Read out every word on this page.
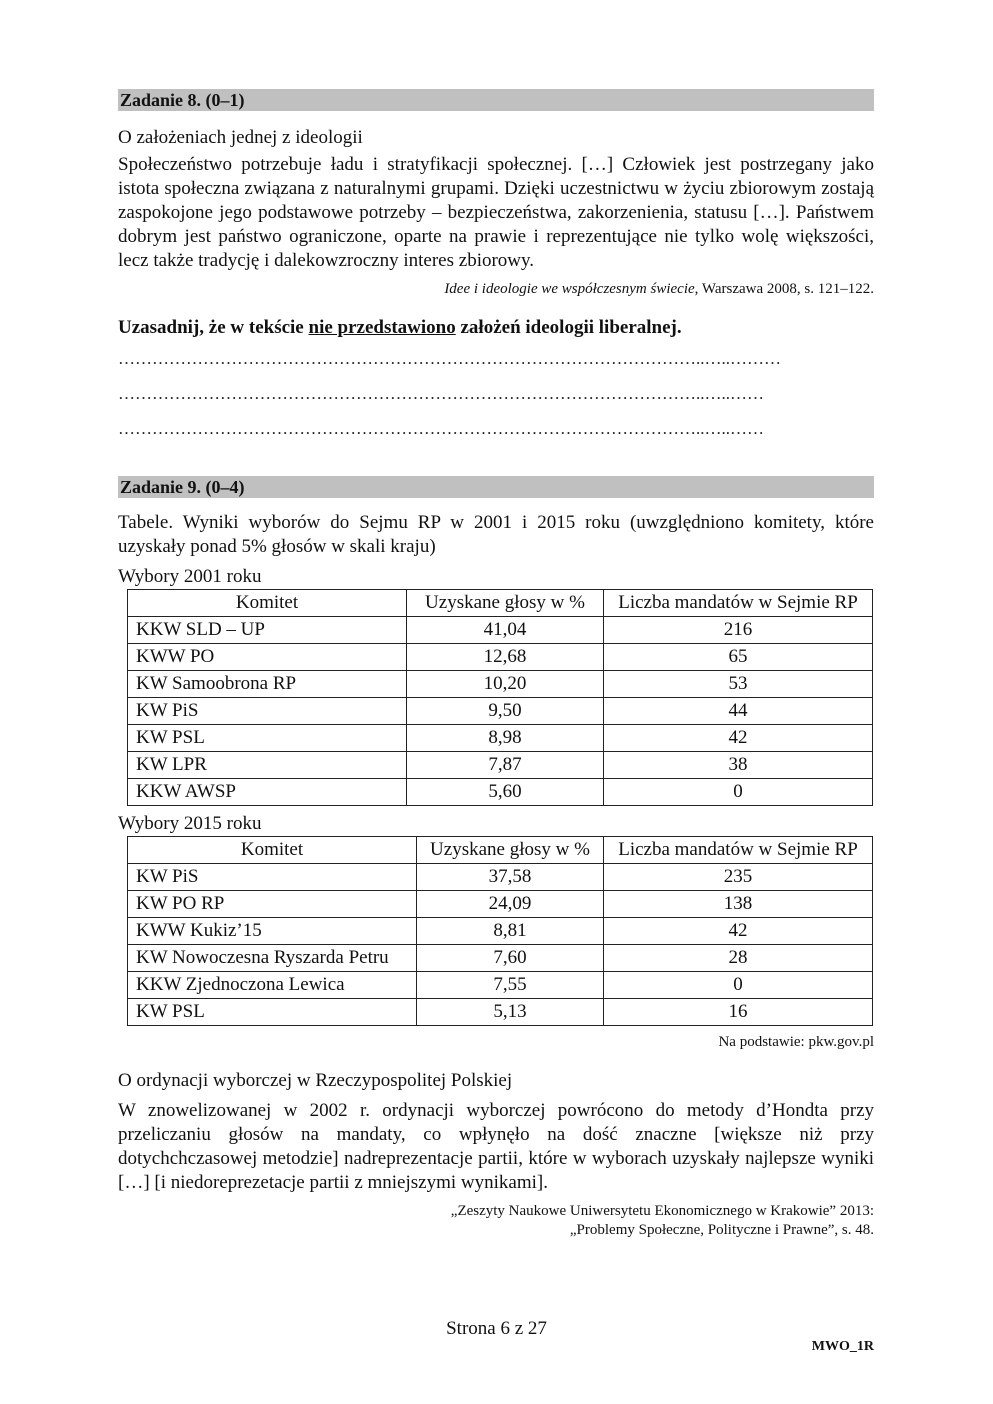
Zadanie 8. (0–1)

O założeniach jednej z ideologii

Społeczeństwo potrzebuje ładu i stratyfikacji społecznej. […] Człowiek jest postrzegany jako istota społeczna związana z naturalnymi grupami. Dzięki uczestnictwu w życiu zbiorowym zostają zaspokojone jego podstawowe potrzeby – bezpieczeństwa, zakorzenienia, statusu […]. Państwem dobrym jest państwo ograniczone, oparte na prawie i reprezentujące nie tylko wolę większości, lecz także tradycję i dalekowzroczny interes zbiorowy.

Idee i ideologie we współczesnym świecie, Warszawa 2008, s. 121–122.

Uzasadnij, że w tekście nie przedstawiono założeń ideologii liberalnej.

…………………………………………………………………………………………..…..………
…………………………………………………………………………………………..…..……
…………………………………………………………………………………………..…..……
Zadanie 9. (0–4)

Tabele. Wyniki wyborów do Sejmu RP w 2001 i 2015 roku (uwzględniono komitety, które uzyskały ponad 5% głosów w skali kraju)

Wybory 2001 roku

Komitet	Uzyskane głosy w %	Liczba mandatów w Sejmie RP
KKW SLD – UP	41,04	216
KWW PO	12,68	65
KW Samoobrona RP	10,20	53
KW PiS	9,50	44
KW PSL	8,98	42
KW LPR	7,87	38
KKW AWSP	5,60	0

Wybory 2015 roku

Komitet	Uzyskane głosy w %	Liczba mandatów w Sejmie RP
KW PiS	37,58	235
KW PO RP	24,09	138
KWW Kukiz’15	8,81	42
KW Nowoczesna Ryszarda Petru	7,60	28
KKW Zjednoczona Lewica	7,55	0
KW PSL	5,13	16

Na podstawie: pkw.gov.pl

O ordynacji wyborczej w Rzeczypospolitej Polskiej

W znowelizowanej w 2002 r. ordynacji wyborczej powrócono do metody d’Hondta przy przeliczaniu głosów na mandaty, co wpłynęło na dość znaczne [większe niż przy dotychchczasowej metodzie] nadreprezentacje partii, które w wyborach uzyskały najlepsze wyniki […] [i niedoreprezetacje partii z mniejszymi wynikami].

„Zeszyty Naukowe Uniwersytetu Ekonomicznego w Krakowie” 2013:

„Problemy Społeczne, Polityczne i Prawne”, s. 48.

Strona 6 z 27
MWO_1R
